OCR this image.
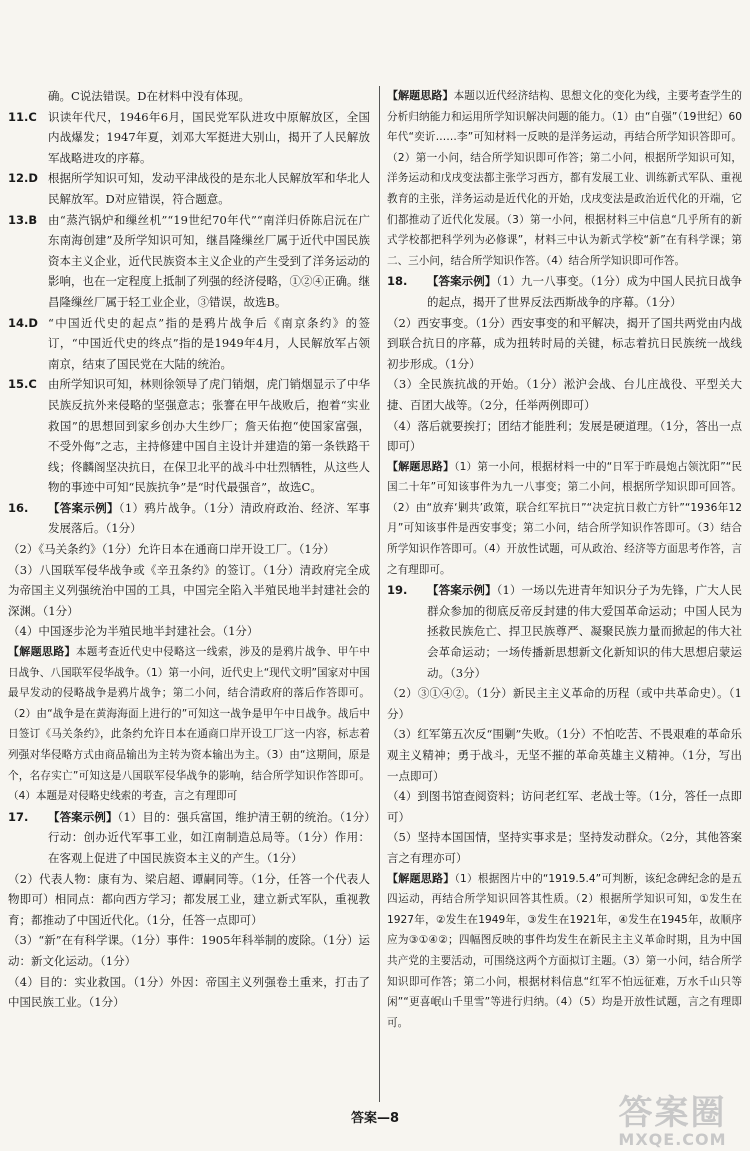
确。C说法错误。D在材料中没有体现。
11.C 识读年代尺，1946年6月，国民党军队进攻中原解放区，全国内战爆发；1947年夏，刘邓大军挺进大别山，揭开了人民解放军战略进攻的序幕。
12.D 根据所学知识可知，发动平津战役的是东北人民解放军和华北人民解放军。D对应错误，符合题意。
13.B 由“蒸汽锅炉和缫丝机”“19世纪70年代”“南洋归侨陈启沅在广东南海创建”及所学知识可知，继昌隆缫丝厂属于近代中国民族资本主义企业，近代民族资本主义企业的产生受到了洋务运动的影响，也在一定程度上抵制了列强的经济侵略，①②④正确。继昌隆缫丝厂属于轻工业企业，③错误，故选B。
14.D “中国近代史的起点”指的是鸦片战争后《南京条约》的签订，“中国近代史的终点”指的是1949年4月，人民解放军占领南京，结束了国民党在大陆的统治。
15.C 由所学知识可知，林则徐领导了虎门销烟，虎门销烟显示了中华民族反抗外来侵略的坚强意志；张謇在甲午战败后，抱着“实业救国”的思想回到家乡创办大生纱厂；詹天佑抱“使国家富强，不受外侮”之志，主持修建中国自主设计并建造的第一条铁路干线；佟麟阁坚决抗日，在保卫北平的战斗中壮烈牺牲，从这些人物的事迹中可知“民族抗争”是“时代最强音”，故选C。
16.	【答案示例】（1）鸦片战争。（1分）清政府政治、经济、军事发展落后。（1分）
（2）《马关条约》（1分）允许日本在通商口岸开设工厂。（1分）
（3）八国联军侵华战争或《辛丑条约》的签订。（1分）清政府完全成为帝国主义列强统治中国的工具，中国完全陷入半殖民地半封建社会的深渊。（1分）
（4）中国逐步沦为半殖民地半封建社会。（1分）
【解题思路】本题考查近代史中侵略这一线索，涉及的是鸦片战争、甲午中日战争、八国联军侵华战争。（1）第一小问，近代史上“现代文明”国家对中国最早发动的侵略战争是鸦片战争；第二小问，结合清政府的落后作答即可。（2）由“战争是在黄海海面上进行的”可知这一战争是甲午中日战争。战后中日签订《马关条约》，此条约允许日本在通商口岸开设工厂这一内容，标志着列强对华侵略方式由商品输出为主转为资本输出为主。（3）由“这期间，原是个，名存实亡”可知这是八国联军侵华战争的影响，结合所学知识作答即可。（4）本题是对侵略史线索的考查，言之有理即可
17.	【答案示例】（1）目的：强兵富国，维护清王朝的统治。（1分）行动：创办近代军事工业，如江南制造总局等。（1分）作用：在客观上促进了中国民族资本主义的产生。（1分）
（2）代表人物：康有为、梁启超、谭嗣同等。（1分，任答一个代表人物即可）相同点：都向西方学习；都发展工业，建立新式军队，重视教育；都推动了中国近代化。（1分，任答一点即可）
（3）“新”在有科学课。（1分）事件：1905年科举制的废除。（1分）运动：新文化运动。（1分）
（4）目的：实业救国。（1分）外因：帝国主义列强卷土重来，打击了中国民族工业。（1分）
【解题思路】本题以近代经济结构、思想文化的变化为线，主要考查学生的分析归纳能力和运用所学知识解决问题的能力。（1）由“自强”（19世纪）60年代“奕䜣……李”可知材料一反映的是洋务运动，再结合所学知识答即可。（2）第一小问，结合所学知识即可作答；第二小问，根据所学知识可知，洋务运动和戊戌变法都主张学习西方，都有发展工业、训练新式军队、重视教育的主张，洋务运动是近代化的开始，戊戌变法是政治近代化的开端，它们都推动了近代化发展。（3）第一小问，根据材料三中信息“几乎所有的新式学校都把科学列为必修课”，材料三中认为新式学校“新”在有科学课；第二、三小问，结合所学知识作答。（4）结合所学知识即可作答。
18.	【答案示例】（1）九一八事变。（1分）成为中国人民抗日战争的起点，揭开了世界反法西斯战争的序幕。（1分）
（2）西安事变。（1分）西安事变的和平解决，揭开了国共两党由内战到联合抗日的序幕，成为扭转时局的关键，标志着抗日民族统一战线初步形成。（1分）
（3）全民族抗战的开始。（1分）淞沪会战、台儿庄战役、平型关大捷、百团大战等。（2分，任举两例即可）
（4）落后就要挨打；团结才能胜利；发展是硬道理。（1分，答出一点即可）
【解题思路】（1）第一小问，根据材料一中的“日军于昨晨炮占领沈阳”“民国二十年”可知该事件为九一八事变；第二小问，根据所学知识即可回答。（2）由“放弃‘剿共’政策，联合红军抗日”“决定抗日救亡方针”“1936年12月”可知该事件是西安事变；第二小问，结合所学知识作答即可。（3）结合所学知识作答即可。（4）开放性试题，可从政治、经济等方面思考作答，言之有理即可。
19.	【答案示例】（1）一场以先进青年知识分子为先锋，广大人民群众参加的彻底反帝反封建的伟大爱国革命运动；中国人民为拯救民族危亡、捍卫民族尊严、凝聚民族力量而掀起的伟大社会革命运动；一场传播新思想新文化新知识的伟大思想启蒙运动。（3分）
（2）③①④②。（1分）新民主主义革命的历程（或中共革命史）。（1分）
（3）红军第五次反“围剿”失败。（1分）不怕吃苦、不畏艰难的革命乐观主义精神；勇于战斗，无坚不摧的革命英雄主义精神。（1分，写出一点即可）
（4）到图书馆查阅资料；访问老红军、老战士等。（1分，答任一点即可）
（5）坚持本国国情，坚持实事求是；坚持发动群众。（2分，其他答案言之有理亦可）
【解题思路】（1）根据图片中的“1919.5.4”可判断，该纪念碑纪念的是五四运动，再结合所学知识回答其性质。（2）根据所学知识可知，①发生在1927年，②发生在1949年，③发生在1921年，④发生在1945年，故顺序应为③①④②；四幅图反映的事件均发生在新民主主义革命时期，且为中国共产党的主要活动，可围绕这两个方面拟订主题。（3）第一小问，结合所学知识即可作答；第二小问，根据材料信息“红军不怕远征难，万水千山只等闲”“更喜岷山千里雪”等进行归纳。（4）（5）均是开放性试题，言之有理即可。
答案—8	答案圈
MXQE.COM
